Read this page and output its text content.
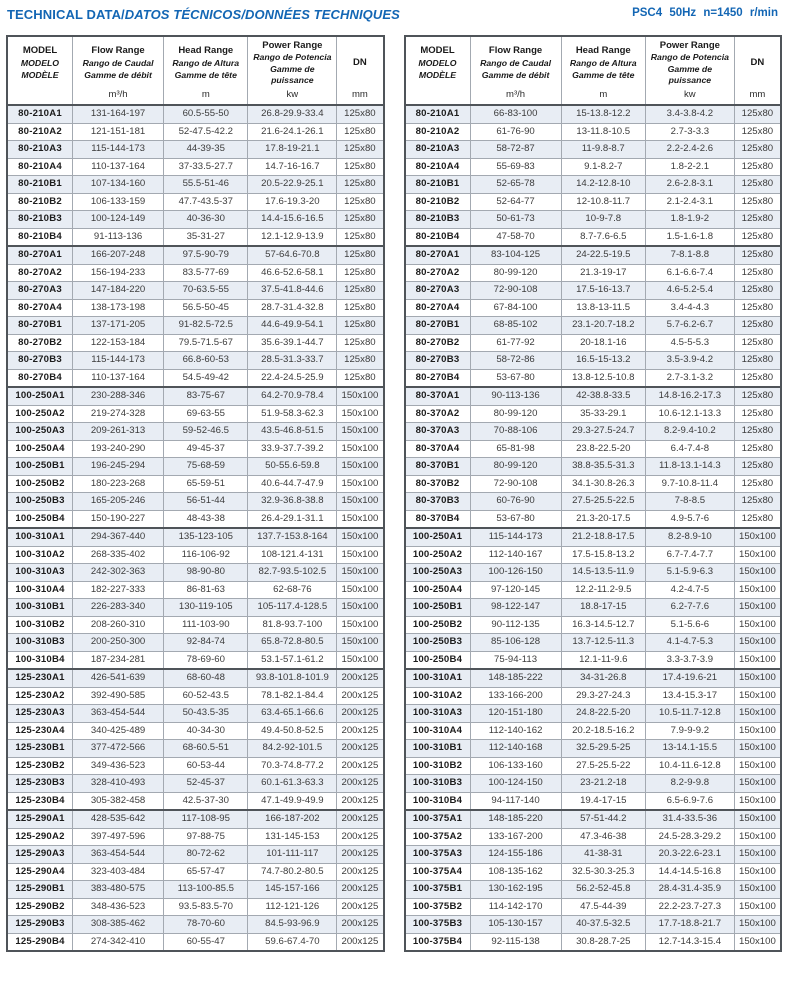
TECHNICAL DATA/DATOS TÉCNICOS/DONNÉES TECHNIQUES	PSC4 50Hz n=1450 r/min
MODEL
MODELO
MODÈLE

Flow Range
Rango de Caudal
Gamme de débit
m³/h

Head Range
Rango de Altura
Gamme de tête
m

Power Range
Rango de Potencia
Gamme de puissance
kw

DN
mm

80-210A1	131-164-197	60.5-55-50	26.8-29.9-33.4	125x80
80-210A2	121-151-181	52-47.5-42.2	21.6-24.1-26.1	125x80
80-210A3	115-144-173	44-39-35	17.8-19-21.1	125x80
80-210A4	110-137-164	37-33.5-27.7	14.7-16-16.7	125x80
80-210B1	107-134-160	55.5-51-46	20.5-22.9-25.1	125x80
80-210B2	106-133-159	47.7-43.5-37	17.6-19.3-20	125x80
80-210B3	100-124-149	40-36-30	14.4-15.6-16.5	125x80
80-210B4	91-113-136	35-31-27	12.1-12.9-13.9	125x80
80-270A1	166-207-248	97.5-90-79	57-64.6-70.8	125x80
80-270A2	156-194-233	83.5-77-69	46.6-52.6-58.1	125x80
80-270A3	147-184-220	70-63.5-55	37.5-41.8-44.6	125x80
80-270A4	138-173-198	56.5-50-45	28.7-31.4-32.8	125x80
80-270B1	137-171-205	91-82.5-72.5	44.6-49.9-54.1	125x80
80-270B2	122-153-184	79.5-71.5-67	35.6-39.1-44.7	125x80
80-270B3	115-144-173	66.8-60-53	28.5-31.3-33.7	125x80
80-270B4	110-137-164	54.5-49-42	22.4-24.5-25.9	125x80
100-250A1	230-288-346	83-75-67	64.2-70.9-78.4	150x100
100-250A2	219-274-328	69-63-55	51.9-58.3-62.3	150x100
100-250A3	209-261-313	59-52-46.5	43.5-46.8-51.5	150x100
100-250A4	193-240-290	49-45-37	33.9-37.7-39.2	150x100
100-250B1	196-245-294	75-68-59	50-55.6-59.8	150x100
100-250B2	180-223-268	65-59-51	40.6-44.7-47.9	150x100
100-250B3	165-205-246	56-51-44	32.9-36.8-38.8	150x100
100-250B4	150-190-227	48-43-38	26.4-29.1-31.1	150x100
100-310A1	294-367-440	135-123-105	137.7-153.8-164	150x100
100-310A2	268-335-402	116-106-92	108-121.4-131	150x100
100-310A3	242-302-363	98-90-80	82.7-93.5-102.5	150x100
100-310A4	182-227-333	86-81-63	62-68-76	150x100
100-310B1	226-283-340	130-119-105	105-117.4-128.5	150x100
100-310B2	208-260-310	111-103-90	81.8-93.7-100	150x100
100-310B3	200-250-300	92-84-74	65.8-72.8-80.5	150x100
100-310B4	187-234-281	78-69-60	53.1-57.1-61.2	150x100
125-230A1	426-541-639	68-60-48	93.8-101.8-101.9	200x125
125-230A2	392-490-585	60-52-43.5	78.1-82.1-84.4	200x125
125-230A3	363-454-544	50-43.5-35	63.4-65.1-66.6	200x125
125-230A4	340-425-489	40-34-30	49.4-50.8-52.5	200x125
125-230B1	377-472-566	68-60.5-51	84.2-92-101.5	200x125
125-230B2	349-436-523	60-53-44	70.3-74.8-77.2	200x125
125-230B3	328-410-493	52-45-37	60.1-61.3-63.3	200x125
125-230B4	305-382-458	42.5-37-30	47.1-49.9-49.9	200x125
125-290A1	428-535-642	117-108-95	166-187-202	200x125
125-290A2	397-497-596	97-88-75	131-145-153	200x125
125-290A3	363-454-544	80-72-62	101-111-117	200x125
125-290A4	323-403-484	65-57-47	74.7-80.2-80.5	200x125
125-290B1	383-480-575	113-100-85.5	145-157-166	200x125
125-290B2	348-436-523	93.5-83.5-70	112-121-126	200x125
125-290B3	308-385-462	78-70-60	84.5-93-96.9	200x125
125-290B4	274-342-410	60-55-47	59.6-67.4-70	200x125
MODEL
MODELO
MODÈLE

Flow Range
Rango de Caudal
Gamme de débit
m³/h

Head Range
Rango de Altura
Gamme de tête
m

Power Range
Rango de Potencia
Gamme de puissance
kw

DN
mm

80-210A1	66-83-100	15-13.8-12.2	3.4-3.8-4.2	125x80
80-210A2	61-76-90	13-11.8-10.5	2.7-3-3.3	125x80
80-210A3	58-72-87	11-9.8-8.7	2.2-2.4-2.6	125x80
80-210A4	55-69-83	9.1-8.2-7	1.8-2-2.1	125x80
80-210B1	52-65-78	14.2-12.8-10	2.6-2.8-3.1	125x80
80-210B2	52-64-77	12-10.8-11.7	2.1-2.4-3.1	125x80
80-210B3	50-61-73	10-9-7.8	1.8-1.9-2	125x80
80-210B4	47-58-70	8.7-7.6-6.5	1.5-1.6-1.8	125x80
80-270A1	83-104-125	24-22.5-19.5	7-8.1-8.8	125x80
80-270A2	80-99-120	21.3-19-17	6.1-6.6-7.4	125x80
80-270A3	72-90-108	17.5-16-13.7	4.6-5.2-5.4	125x80
80-270A4	67-84-100	13.8-13-11.5	3.4-4-4.3	125x80
80-270B1	68-85-102	23.1-20.7-18.2	5.7-6.2-6.7	125x80
80-270B2	61-77-92	20-18.1-16	4.5-5-5.3	125x80
80-270B3	58-72-86	16.5-15-13.2	3.5-3.9-4.2	125x80
80-270B4	53-67-80	13.8-12.5-10.8	2.7-3.1-3.2	125x80
80-370A1	90-113-136	42-38.8-33.5	14.8-16.2-17.3	125x80
80-370A2	80-99-120	35-33-29.1	10.6-12.1-13.3	125x80
80-370A3	70-88-106	29.3-27.5-24.7	8.2-9.4-10.2	125x80
80-370A4	65-81-98	23.8-22.5-20	6.4-7.4-8	125x80
80-370B1	80-99-120	38.8-35.5-31.3	11.8-13.1-14.3	125x80
80-370B2	72-90-108	34.1-30.8-26.3	9.7-10.8-11.4	125x80
80-370B3	60-76-90	27.5-25.5-22.5	7-8-8.5	125x80
80-370B4	53-67-80	21.3-20-17.5	4.9-5.7-6	125x80
100-250A1	115-144-173	21.2-18.8-17.5	8.2-8.9-10	150x100
100-250A2	112-140-167	17.5-15.8-13.2	6.7-7.4-7.7	150x100
100-250A3	100-126-150	14.5-13.5-11.9	5.1-5.9-6.3	150x100
100-250A4	97-120-145	12.2-11.2-9.5	4.2-4.7-5	150x100
100-250B1	98-122-147	18.8-17-15	6.2-7-7.6	150x100
100-250B2	90-112-135	16.3-14.5-12.7	5.1-5.6-6	150x100
100-250B3	85-106-128	13.7-12.5-11.3	4.1-4.7-5.3	150x100
100-250B4	75-94-113	12.1-11-9.6	3.3-3.7-3.9	150x100
100-310A1	148-185-222	34-31-26.8	17.4-19.6-21	150x100
100-310A2	133-166-200	29.3-27-24.3	13.4-15.3-17	150x100
100-310A3	120-151-180	24.8-22.5-20	10.5-11.7-12.8	150x100
100-310A4	112-140-162	20.2-18.5-16.2	7.9-9-9.2	150x100
100-310B1	112-140-168	32.5-29.5-25	13-14.1-15.5	150x100
100-310B2	106-133-160	27.5-25.5-22	10.4-11.6-12.8	150x100
100-310B3	100-124-150	23-21.2-18	8.2-9-9.8	150x100
100-310B4	94-117-140	19.4-17-15	6.5-6.9-7.6	150x100
100-375A1	148-185-220	57-51-44.2	31.4-33.5-36	150x100
100-375A2	133-167-200	47.3-46-38	24.5-28.3-29.2	150x100
100-375A3	124-155-186	41-38-31	20.3-22.6-23.1	150x100
100-375A4	108-135-162	32.5-30.3-25.3	14.4-14.5-16.8	150x100
100-375B1	130-162-195	56.2-52-45.8	28.4-31.4-35.9	150x100
100-375B2	114-142-170	47.5-44-39	22.2-23.7-27.3	150x100
100-375B3	105-130-157	40-37.5-32.5	17.7-18.8-21.7	150x100
100-375B4	92-115-138	30.8-28.7-25	12.7-14.3-15.4	150x100
